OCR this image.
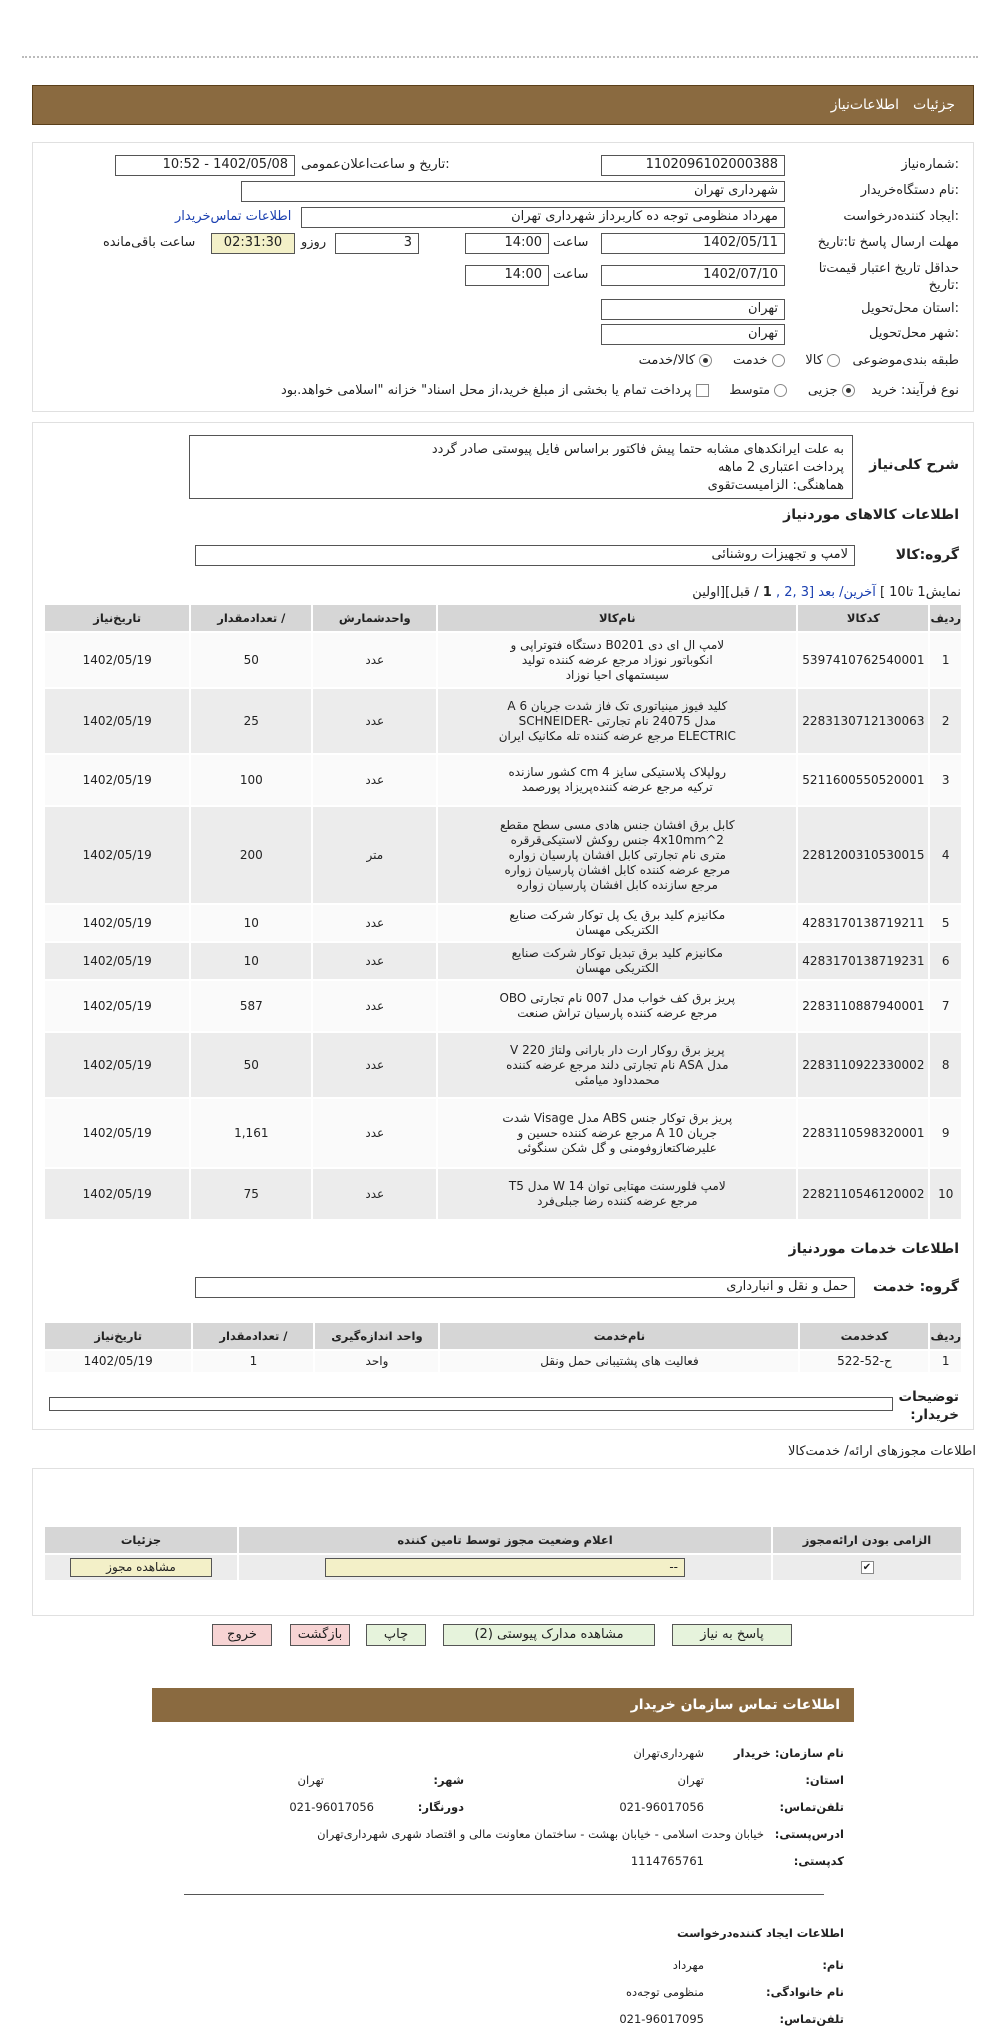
جزئیات
اطلاعات‌نیاز
شماره‌نیاز:
1102096102000388
تاریخ و ساعت‌اعلان‌عمومی:
1402/05/08 - 10:52
نام دستگاه‌خریدار:
شهرداری تهران
ایجاد کننده‌درخواست:
مهرداد منظومی توجه ده کاربرداز شهرداری تهران
اطلاعات تماس‌خریدار
مهلت ارسال پاسخ تا:تاریخ
1402/05/11
ساعت
14:00
3
روزو
02:31:30
ساعت باقی‌مانده
حداقل تاریخ اعتبار قیمت‌تا
تاریخ:
1402/07/10
ساعت
14:00
استان محل‌تحویل:
تهران
شهر محل‌تحویل:
تهران
طبقه بندی‌موضوعی    کالا      خدمت      کالا/خدمت
نوع فرآیند: خرید     جزیی      متوسط      پرداخت تمام یا بخشی از مبلغ خرید،از محل اسناد" خزانه "اسلامی خواهد.بود
شرح کلی‌نیاز
به علت ایرانکدهای مشابه حتما پیش فاکتور براساس فایل پیوستی صادر گردد
پرداخت اعتباری 2 ماهه
هماهنگی: الزامیست‌تقوی
اطلاعات کالاهای موردنیاز
گروه:کالا
لامپ و تجهیزات روشنائی
نمایش1 تا10 ] آخرین/ بعد [3 ,2 , 1 / قبل][اولین
ردیف	کدکالا	نام‌کالا	واحدشمارش	/ تعدادمقدار	تاریخ‌نیاز
1	5397410762540001	لامپ ال ای دی B0201 دستگاه فتوتراپی و انکوباتور نوزاد مرجع عرضه کننده تولید سیستمهای احیا نوزاد	عدد	50	1402/05/19
2	2283130712130063	کلید فیوز مینیاتوری تک فاز شدت جریان 6 A مدل 24075 نام تجارتی SCHNEIDER-ELECTRIC مرجع عرضه کننده تله مکانیک ایران	عدد	25	1402/05/19
3	5211600550520001	رولپلاک پلاستیکی سایز 4 cm کشور سازنده ترکیه مرجع عرضه کننده‌پریزاد پورصمد	عدد	100	1402/05/19
4	2281200310530015	کابل برق افشان جنس هادی مسی سطح مقطع 2^4x10mm جنس روکش لاستیکی‌قرقره متری نام تجارتی کابل افشان پارسیان زواره مرجع عرضه کننده کابل افشان پارسیان زواره مرجع سازنده کابل افشان پارسیان زواره	متر	200	1402/05/19
5	4283170138719211	مکانیزم کلید برق یک پل توکار شرکت صنایع الکتریکی مهسان	عدد	10	1402/05/19
6	4283170138719231	مکانیزم کلید برق تبدیل توکار شرکت صنایع الکتریکی مهسان	عدد	10	1402/05/19
7	2283110887940001	پریز برق کف خواب مدل 007 نام تجارتی OBO مرجع عرضه کننده پارسیان تراش صنعت	عدد	587	1402/05/19
8	2283110922330002	پریز برق روکار ارت دار بارانی ولتاژ 220 V مدل ASA نام تجارتی دلند مرجع عرضه کننده محمدداود میامئی	عدد	50	1402/05/19
9	2283110598320001	پریز برق توکار جنس ABS مدل Visage شدت جریان 10 A مرجع عرضه کننده حسین و علیرضاکتعازوفومنی و گل شکن سنگوئی	عدد	1,161	1402/05/19
10	2282110546120002	لامپ فلورسنت مهتابی توان 14 W مدل T5 مرجع عرضه کننده رضا جبلی‌فرد	عدد	75	1402/05/19
اطلاعات خدمات موردنیاز
گروه: خدمت
حمل و نقل و انبارداری
ردیف	کدخدمت	نام‌خدمت	واحد اندازه‌گیری	/ تعدادمقدار	تاریخ‌نیاز
1	ح-52-522	فعالیت های پشتیبانی حمل ونقل	واحد	1	1402/05/19
توضیحات
خریدار:
اطلاعات مجوزهای ارائه/ خدمت‌کالا
الزامی بودن ارائه‌مجوز	اعلام وضعیت مجوز توسط تامین کننده	جزئیات
✔	--	مشاهده مجوز
پاسخ به نیاز
مشاهده مدارک پیوستی (2)
چاپ
بازگشت
خروج
اطلاعات تماس سازمان خریدار
نام سازمان: خریدار
شهرداری‌تهران
استان:
تهران
شهر:
تهران
تلفن‌تماس:
021-96017056
دورنگار:
021-96017056
ادرس‌پستی:
خیابان وحدت اسلامی - خیابان بهشت - ساختمان معاونت مالی و اقتصاد شهری شهرداری‌تهران
کد‌پستی:
1114765761
اطلاعات ایجاد کننده‌درخواست
نام:
مهرداد
نام خانوادگی:
منظومی توجه‌ده
تلفن‌تماس:
021-96017095
